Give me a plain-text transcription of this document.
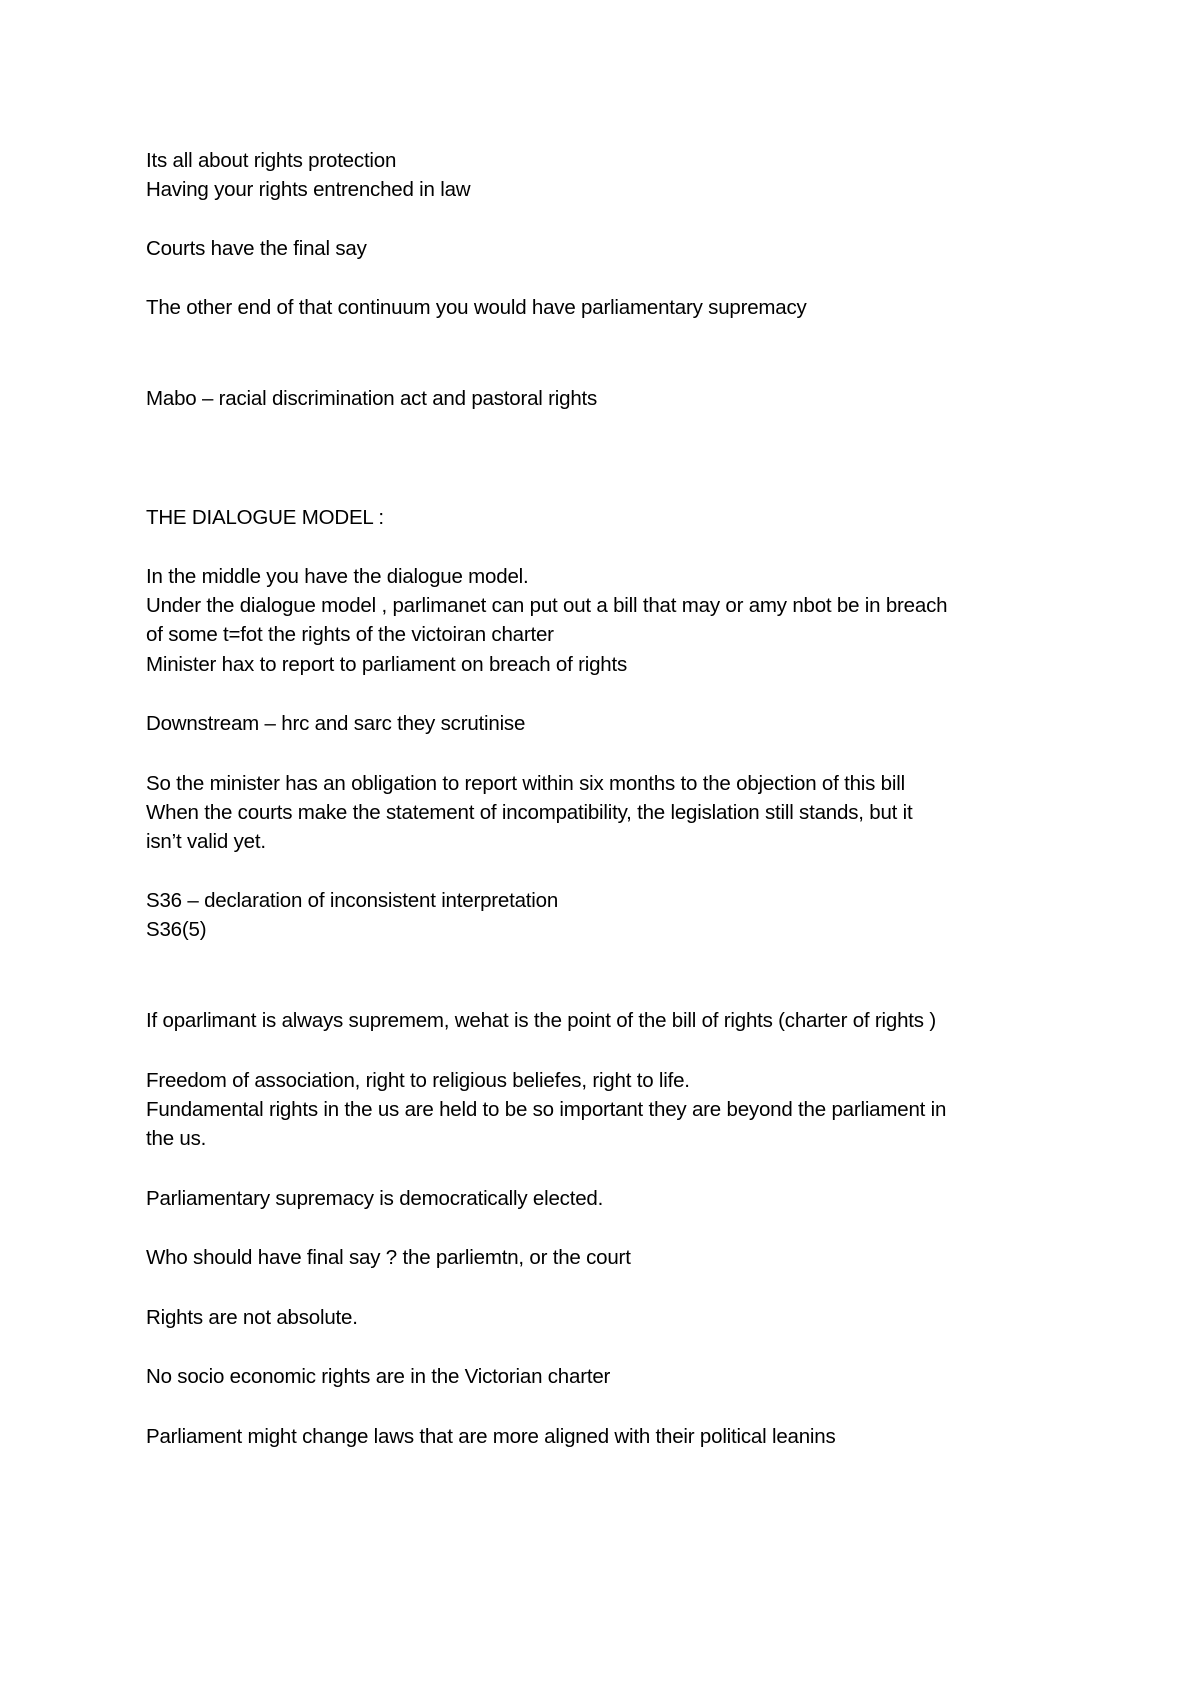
Its all about rights protection

Having your rights entrenched in law

Courts have the final say

The other end of that continuum you would have parliamentary supremacy

Mabo – racial discrimination act and pastoral rights

THE DIALOGUE MODEL :

In the middle you have the dialogue model.

Under the dialogue model , parlimanet can put out a bill that may or amy nbot be in breach

of some t=fot the rights of the victoiran charter

Minister hax to report to parliament on breach of rights

Downstream – hrc and sarc they scrutinise

So the minister has an obligation to report within six months to the objection of this bill

When the courts make the statement of incompatibility, the legislation still stands, but it

isn’t valid yet.

S36 – declaration of inconsistent interpretation

S36(5)

If oparlimant is always supremem, wehat is the point of the bill of rights (charter of rights )

Freedom of association, right to religious beliefes, right to life.

Fundamental rights in the us are held to be so important they are beyond the parliament in

the us.

Parliamentary supremacy is democratically elected.

Who should have final say ? the parliemtn, or the court

Rights are not absolute.

No socio economic rights are in the Victorian charter

Parliament might change laws that are more aligned with their political leanins
